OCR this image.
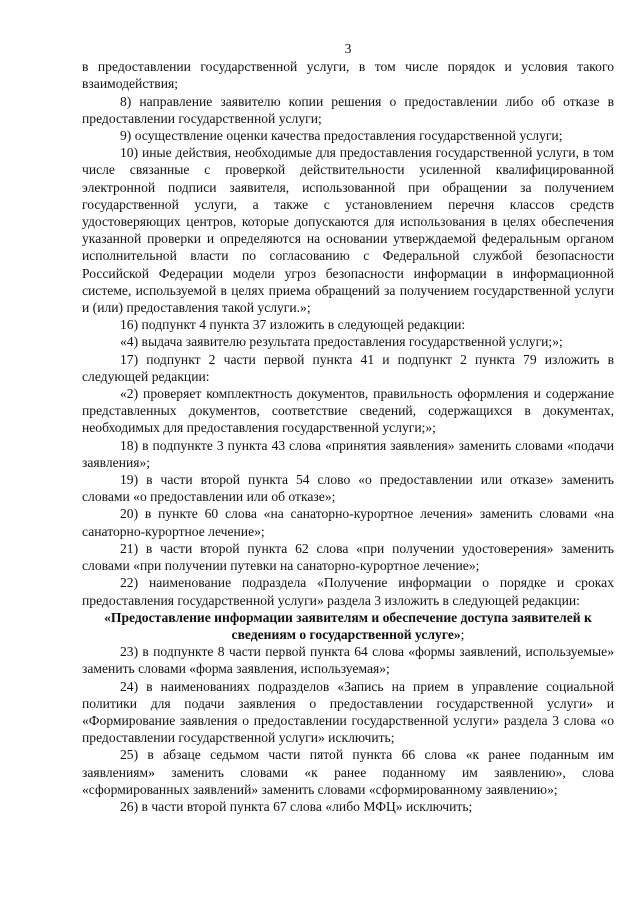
3

в предоставлении государственной услуги, в том числе порядок и условия такого взаимодействия;

8) направление заявителю копии решения о предоставлении либо об отказе в предоставлении государственной услуги;

9) осуществление оценки качества предоставления государственной услуги;

10) иные действия, необходимые для предоставления государственной услуги, в том числе связанные с проверкой действительности усиленной квалифицированной электронной подписи заявителя, использованной при обращении за получением государственной услуги, а также с установлением перечня классов средств удостоверяющих центров, которые допускаются для использования в целях обеспечения указанной проверки и определяются на основании утверждаемой федеральным органом исполнительной власти по согласованию с Федеральной службой безопасности Российской Федерации модели угроз безопасности информации в информационной системе, используемой в целях приема обращений за получением государственной услуги и (или) предоставления такой услуги.»;

16) подпункт 4 пункта 37 изложить в следующей редакции:

«4) выдача заявителю результата предоставления государственной услуги;»;

17) подпункт 2 части первой пункта 41 и подпункт 2 пункта 79 изложить в следующей редакции:

«2) проверяет комплектность документов, правильность оформления и содержание представленных документов, соответствие сведений, содержащихся в документах, необходимых для предоставления государственной услуги;»;

18) в подпункте 3 пункта 43 слова «принятия заявления» заменить словами «подачи заявления»;

19) в части второй пункта 54 слово «о предоставлении или отказе» заменить словами «о предоставлении или об отказе»;

20) в пункте 60 слова «на санаторно-курортное лечения» заменить словами «на санаторно-курортное лечение»;

21) в части второй пункта 62 слова «при получении удостоверения» заменить словами «при получении путевки на санаторно-курортное лечение»;

22) наименование подраздела «Получение информации о порядке и сроках предоставления государственной услуги» раздела 3 изложить в следующей редакции:

«Предоставление информации заявителям и обеспечение доступа заявителей к сведениям о государственной услуге»;

23) в подпункте 8 части первой пункта 64 слова «формы заявлений, используемые» заменить словами «форма заявления, используемая»;

24) в наименованиях подразделов «Запись на прием в управление социальной политики для подачи заявления о предоставлении государственной услуги» и «Формирование заявления о предоставлении государственной услуги» раздела 3 слова «о предоставлении государственной услуги» исключить;

25) в абзаце седьмом части пятой пункта 66 слова «к ранее поданным им заявлениям» заменить словами «к ранее поданному им заявлению», слова «сформированных заявлений» заменить словами «сформированному заявлению»;

26) в части второй пункта 67 слова «либо МФЦ» исключить;
